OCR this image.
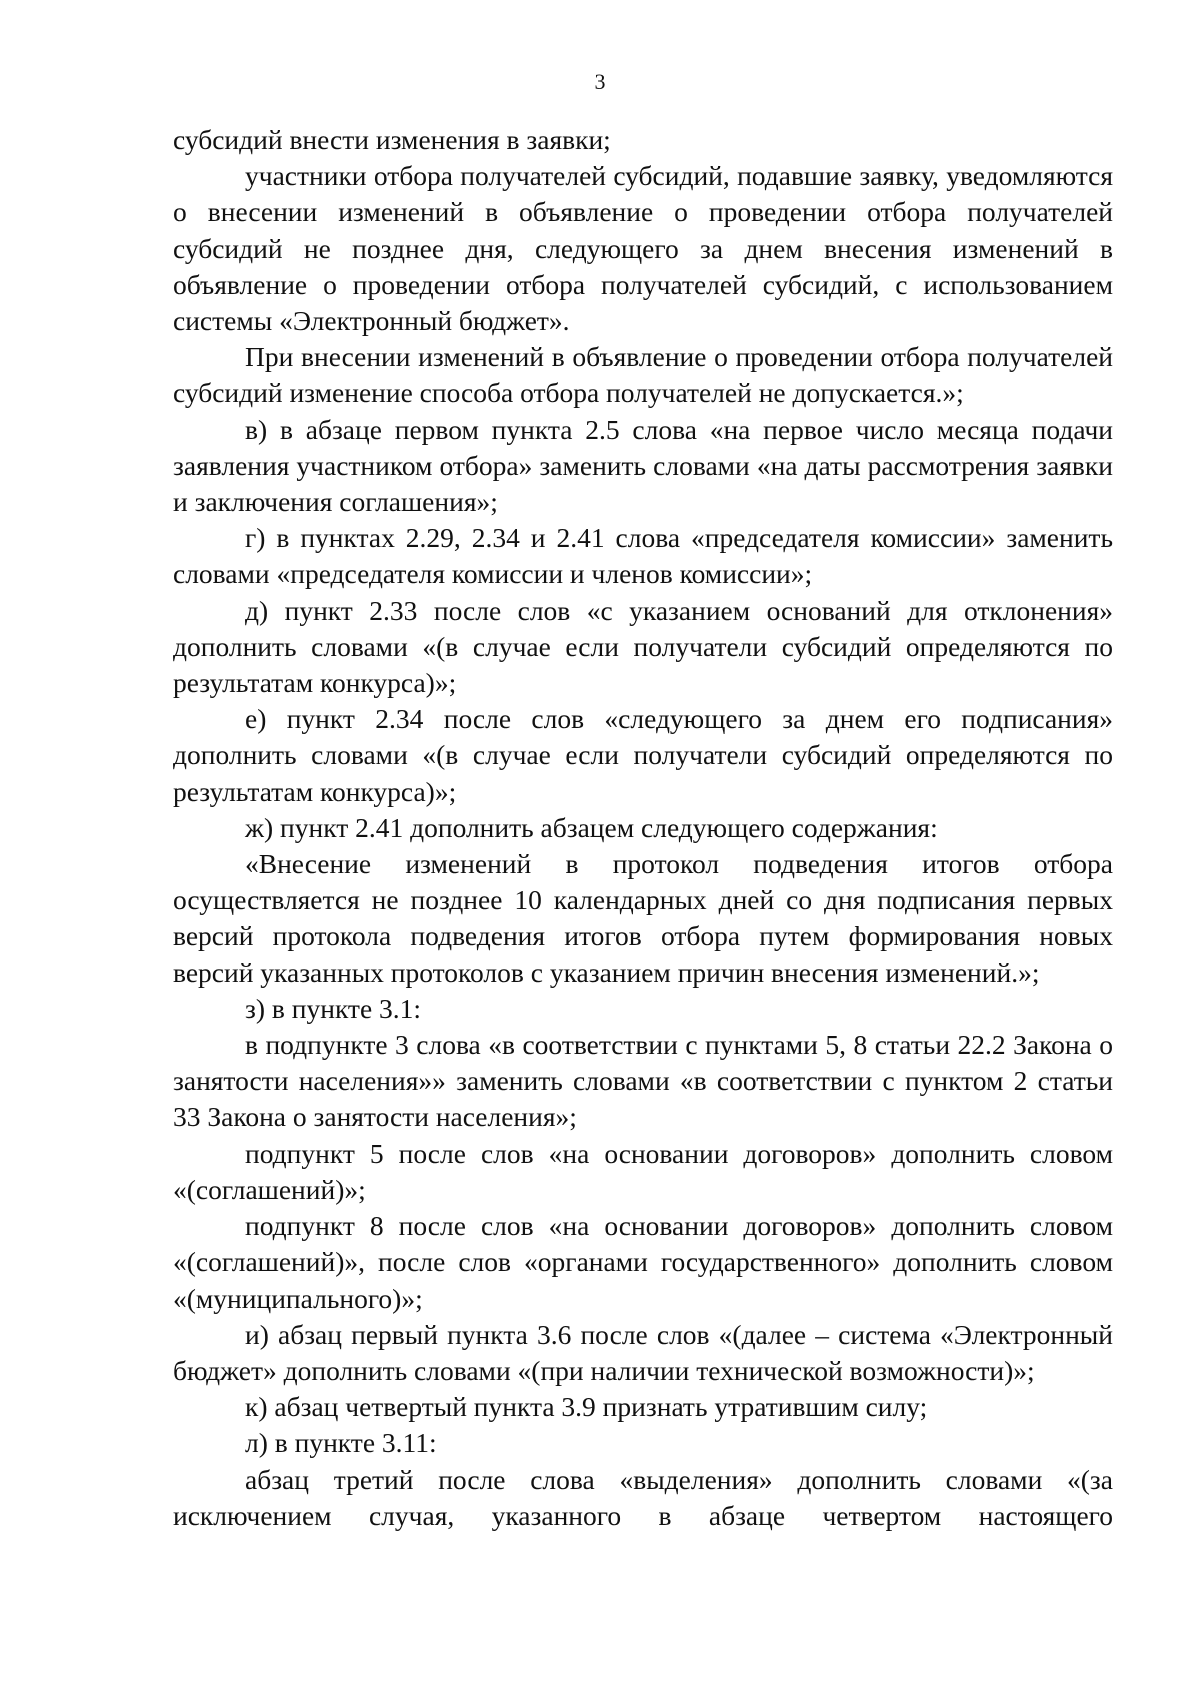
3

субсидий внести изменения в заявки;

участники отбора получателей субсидий, подавшие заявку, уведомляются о внесении изменений в объявление о проведении отбора получателей субсидий не позднее дня, следующего за днем внесения изменений в объявление о проведении отбора получателей субсидий, с использованием системы «Электронный бюджет».

При внесении изменений в объявление о проведении отбора получателей субсидий изменение способа отбора получателей не допускается.»;

в) в абзаце первом пункта 2.5 слова «на первое число месяца подачи заявления участником отбора» заменить словами «на даты рассмотрения заявки и заключения соглашения»;

г) в пунктах 2.29, 2.34 и 2.41 слова «председателя комиссии» заменить словами «председателя комиссии и членов комиссии»;

д) пункт 2.33 после слов «с указанием оснований для отклонения» дополнить словами «(в случае если получатели субсидий определяются по результатам конкурса)»;

е) пункт 2.34 после слов «следующего за днем его подписания» дополнить словами «(в случае если получатели субсидий определяются по результатам конкурса)»;

ж) пункт 2.41 дополнить абзацем следующего содержания:

«Внесение изменений в протокол подведения итогов отбора осуществляется не позднее 10 календарных дней со дня подписания первых версий протокола подведения итогов отбора путем формирования новых версий указанных протоколов с указанием причин внесения изменений.»;

з) в пункте 3.1:

в подпункте 3 слова «в соответствии с пунктами 5, 8 статьи 22.2 Закона о занятости населения»» заменить словами «в соответствии с пунктом 2 статьи 33 Закона о занятости населения»;

подпункт 5 после слов «на основании договоров» дополнить словом «(соглашений)»;

подпункт 8 после слов «на основании договоров» дополнить словом «(соглашений)», после слов «органами государственного» дополнить словом «(муниципального)»;

и) абзац первый пункта 3.6 после слов «(далее – система «Электронный бюджет» дополнить словами «(при наличии технической возможности)»;

к) абзац четвертый пункта 3.9 признать утратившим силу;

л) в пункте 3.11:

абзац третий после слова «выделения» дополнить словами «(за исключением случая, указанного в абзаце четвертом настоящего
